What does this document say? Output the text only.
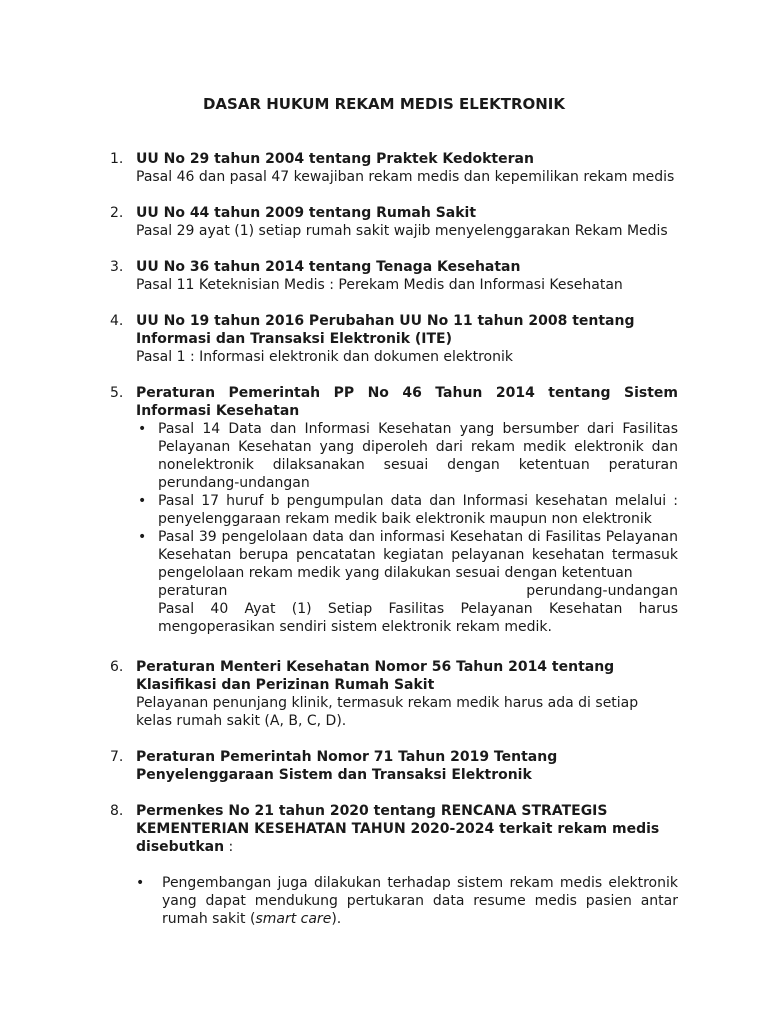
DASAR HUKUM REKAM MEDIS ELEKTRONIK
1. UU No 29 tahun 2004 tentang Praktek Kedokteran
Pasal 46 dan pasal 47 kewajiban rekam medis dan kepemilikan rekam medis
2. UU No 44 tahun 2009 tentang Rumah Sakit
Pasal 29 ayat (1) setiap rumah sakit wajib menyelenggarakan Rekam Medis
3. UU No 36 tahun 2014 tentang Tenaga Kesehatan
Pasal 11 Keteknisian Medis : Perekam Medis dan Informasi Kesehatan
4. UU No 19 tahun 2016 Perubahan UU No 11 tahun 2008 tentang Informasi dan Transaksi Elektronik (ITE)
Pasal 1 : Informasi elektronik dan dokumen elektronik
5. Peraturan Pemerintah PP No 46 Tahun 2014 tentang Sistem Informasi Kesehatan
• Pasal 14 Data dan Informasi Kesehatan yang bersumber dari Fasilitas Pelayanan Kesehatan yang diperoleh dari rekam medik elektronik dan nonelektronik dilaksanakan sesuai dengan ketentuan peraturan perundang-undangan
• Pasal 17 huruf b pengumpulan data dan Informasi kesehatan melalui : penyelenggaraan rekam medik baik elektronik maupun non elektronik
• Pasal 39 pengelolaan data dan informasi Kesehatan di Fasilitas Pelayanan Kesehatan berupa pencatatan kegiatan pelayanan kesehatan termasuk pengelolaan rekam medik yang dilakukan sesuai dengan ketentuan
peraturan	perundang-undangan
Pasal 40 Ayat (1) Setiap Fasilitas Pelayanan Kesehatan harus mengoperasikan sendiri sistem elektronik rekam medik.
6. Peraturan Menteri Kesehatan Nomor 56 Tahun 2014 tentang Klasifikasi dan Perizinan Rumah Sakit
Pelayanan penunjang klinik, termasuk rekam medik harus ada di setiap kelas rumah sakit (A, B, C, D).
7. Peraturan Pemerintah Nomor 71 Tahun 2019 Tentang Penyelenggaraan Sistem dan Transaksi Elektronik
8. Permenkes No 21 tahun 2020 tentang RENCANA STRATEGIS KEMENTERIAN KESEHATAN TAHUN 2020-2024 terkait rekam medis disebutkan :
• Pengembangan juga dilakukan terhadap sistem rekam medis elektronik yang dapat mendukung pertukaran data resume medis pasien antar rumah sakit (smart care).
